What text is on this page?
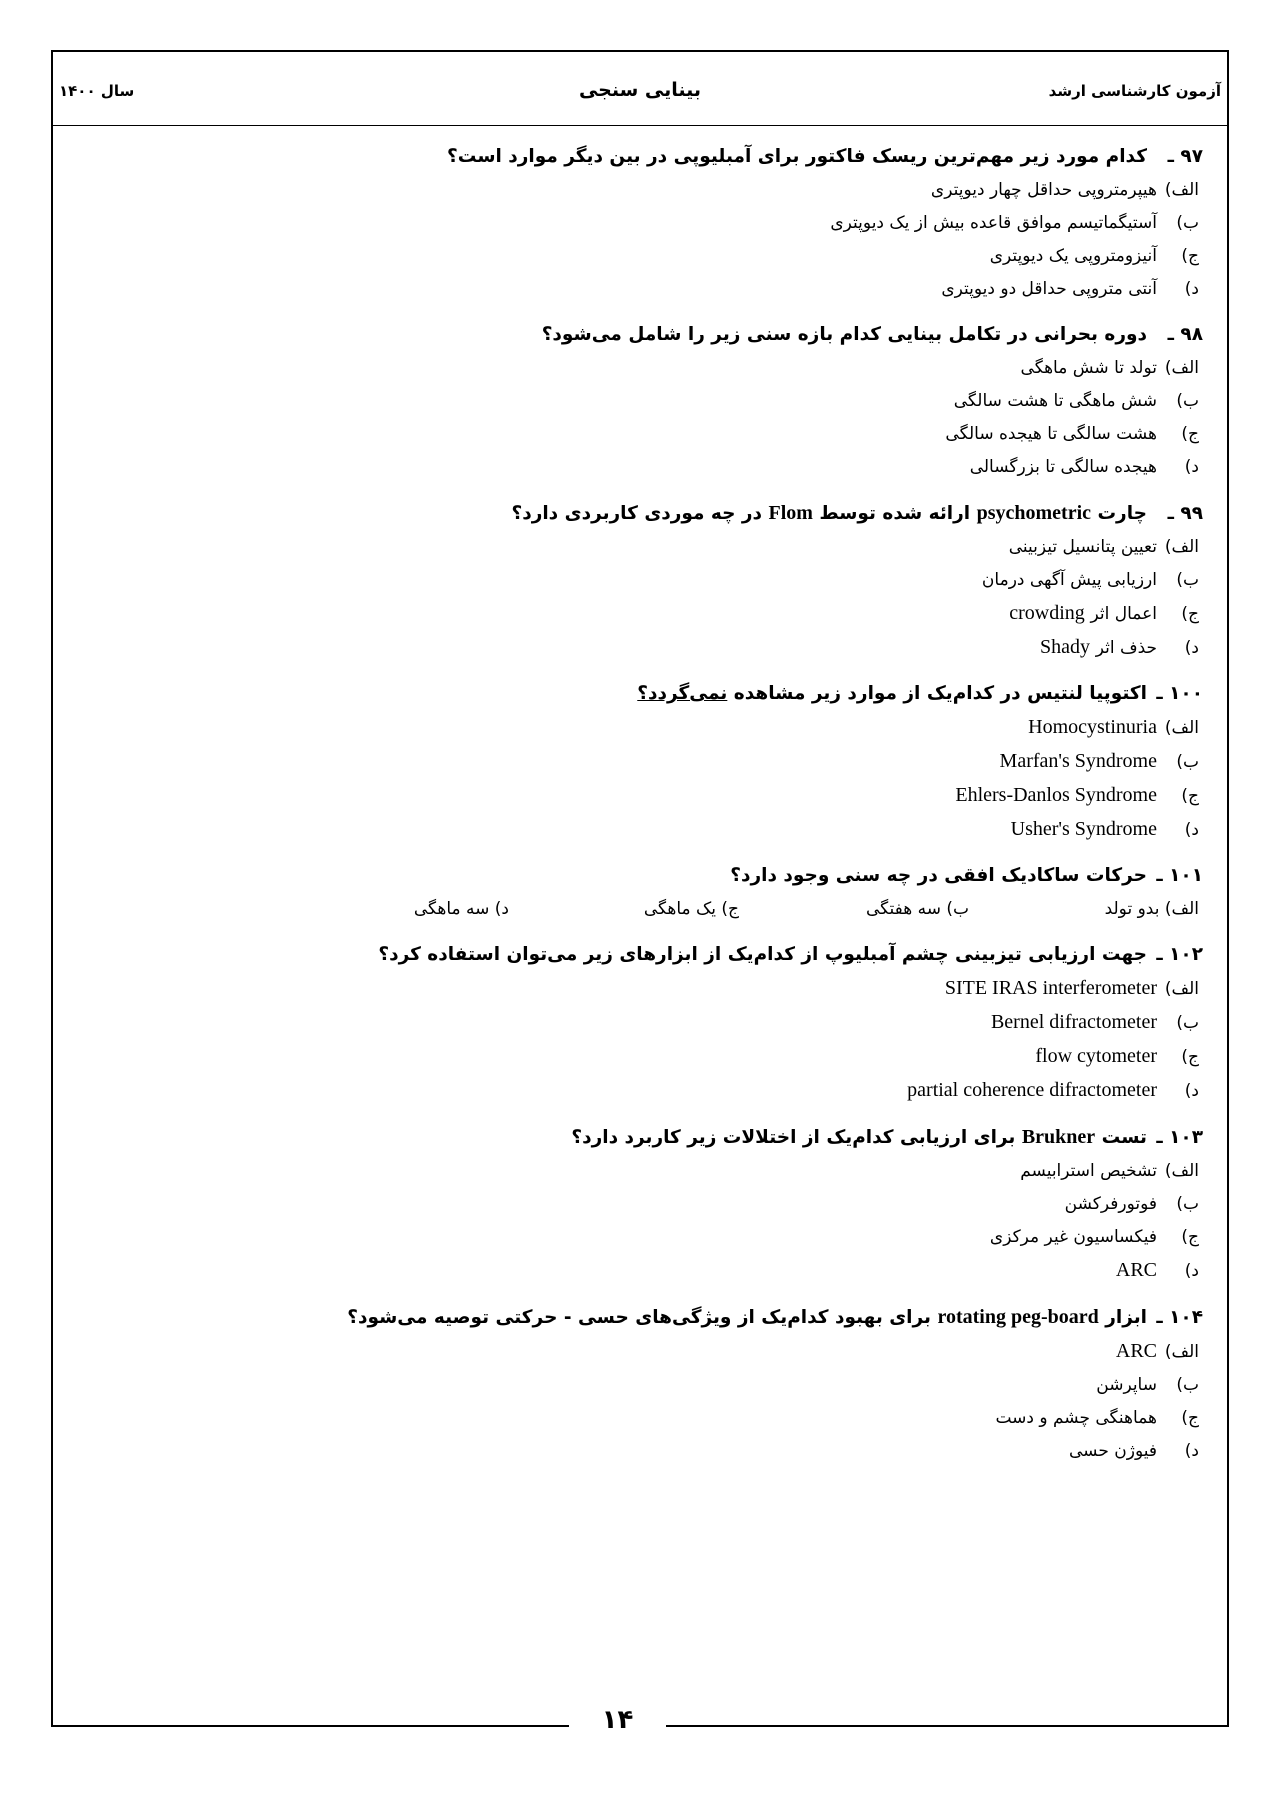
آزمون کارشناسی ارشد
بینایی سنجی
سال ۱۴۰۰
۹۷ ـ
کدام مورد زیر مهم‌ترین ریسک فاکتور برای آمبلیوپی در بین دیگر موارد است؟
الف)
هیپرمتروپی حداقل چهار دیوپتری
ب)
آستیگماتیسم موافق قاعده بیش از یک دیوپتری
ج)
آنیزومتروپی یک دیوپتری
د)
آنتی متروپی حداقل دو دیوپتری
۹۸ ـ
دوره بحرانی در تکامل بینایی کدام بازه سنی زیر را شامل می‌شود؟
الف)
تولد تا شش ماهگی
ب)
شش ماهگی تا هشت سالگی
ج)
هشت سالگی تا هیجده سالگی
د)
هیجده سالگی تا بزرگسالی
۹۹ ـ
چارت psychometric ارائه شده توسط Flom در چه موردی کاربردی دارد؟
الف)
تعیین پتانسیل تیزبینی
ب)
ارزیابی پیش آگهی درمان
ج)
اعمال اثر

crowding
د)
حذف اثر

Shady
۱۰۰ ـ
اکتوپیا لنتیس در کدام‌یک از موارد زیر مشاهده نمی‌گردد؟
الف)
Homocystinuria
ب)
Marfan's Syndrome
ج)
Ehlers-Danlos Syndrome
د)
Usher's Syndrome
۱۰۱ ـ
حرکات ساکادیک افقی در چه سنی وجود دارد؟
الف) بدو تولد
ب) سه هفتگی
ج) یک ماهگی
د) سه ماهگی
۱۰۲ ـ
جهت ارزیابی تیزبینی چشم آمبلیوپ از کدام‌یک از ابزارهای زیر می‌توان استفاده کرد؟
الف)
SITE IRAS interferometer
ب)
Bernel difractometer
ج)
flow cytometer
د)
partial coherence difractometer
۱۰۳ ـ
تست Brukner برای ارزیابی کدام‌یک از اختلالات زیر کاربرد دارد؟
الف)
تشخیص استرابیسم
ب)
فوتورفرکشن
ج)
فیکساسیون غیر مرکزی
د)
ARC
۱۰۴ ـ
ابزار rotating peg-board برای بهبود کدام‌یک از ویژگی‌های حسی - حرکتی توصیه می‌شود؟
الف)
ARC
ب)
ساپرشن
ج)
هماهنگی چشم و دست
د)
فیوژن حسی
۱۴
